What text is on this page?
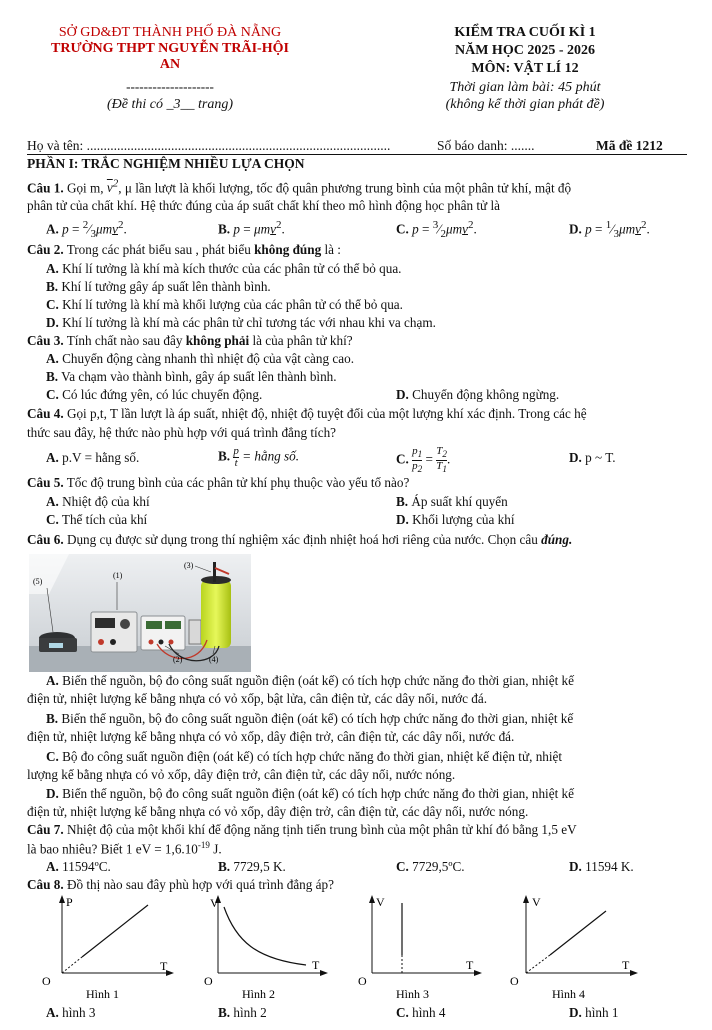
SỞ GD&ĐT THÀNH PHỐ ĐÀ NẴNG
TRƯỜNG THPT NGUYỄN TRÃI-HỘI AN
--------------------
(Đề thi có _3__ trang)
KIỂM TRA CUỐI KÌ 1
NĂM HỌC 2025 - 2026
MÔN: VẬT LÍ 12
Thời gian làm bài: 45 phút
(không kể thời gian phát đề)
Họ và tên: ..........................................................................................	Số báo danh: .......	Mã đề 1212
PHẦN I: TRẮC NGHIỆM NHIỀU LỰA CHỌN
Câu 1. Gọi m, $\overline{v}^2$, μ lần lượt là khối lượng, tốc độ quân phương trung bình của một phân tử khí, mật độ
phân tử của chất khí. Hệ thức đúng của áp suất chất khí theo mô hình động học phân tử là
A. $p = ^2⁄_3\mu mv^2$.	B. p = μmv$^2$.	C. $p = ^3⁄_2\mu mv^2$.	D. $p = ^1⁄_3\mu mv^2$.
Câu 2. Trong các phát biểu sau , phát biểu không đúng là :
A. Khí lí tưởng là khí mà kích thước của các phân tử có thể bỏ qua.
B. Khí lí tưởng gây áp suất lên thành bình.
C. Khí lí tưởng là khí mà khối lượng của các phân tử có thể bỏ qua.
D. Khí lí tưởng là khí mà các phân tử chỉ tương tác với nhau khi va chạm.
Câu 3. Tính chất nào sau đây không phải là của phân tử khí?
A. Chuyển động càng nhanh thì nhiệt độ của vật càng cao.
B. Va chạm vào thành bình, gây áp suất lên thành bình.
C. Có lúc đứng yên, có lúc chuyển động.	D. Chuyển động không ngừng.
Câu 4. Gọi p,t, T lần lượt là áp suất, nhiệt độ, nhiệt độ tuyệt đối của một lượng khí xác định. Trong các hệ
thức sau đây, hệ thức nào phù hợp với quá trình đẳng tích?
A. p.V = hằng số.	B. p
t = hằng số.	C.
$p_1$
$p_2$ =
$T_2$
$T_1$.	D. p ~ T.
Câu 5. Tốc độ trung bình của các phân tử khí phụ thuộc vào yếu tố nào?
A. Nhiệt độ của khí	B. Áp suất khí quyển
C. Thể tích của khí	D. Khối lượng của khí
Câu 6. Dụng cụ được sử dụng trong thí nghiệm xác định nhiệt hoá hơi riêng của nước. Chọn câu đúng.
(5)
(1)
(3)
(2)	(4)
A. Biến thế nguồn, bộ đo công suất nguồn điện (oát kế) có tích hợp chức năng đo thời gian, nhiệt kế
điện tử, nhiệt lượng kế bằng nhựa có vỏ xốp, bật lửa, cân điện tử, các dây nối, nước đá.
B. Biến thế nguồn, bộ đo công suất nguồn điện (oát kế) có tích hợp chức năng đo thời gian, nhiệt kế
điện tử, nhiệt lượng kế bằng nhựa có vỏ xốp, dây điện trở, cân điện tử, các dây nối, nước đá.
C. Bộ đo công suất nguồn điện (oát kế) có tích hợp chức năng đo thời gian, nhiệt kế điện tử, nhiệt
lượng kế bằng nhựa có vỏ xốp, dây điện trở, cân điện tử, các dây nối, nước nóng.
D. Biến thế nguồn, bộ đo công suất nguồn điện (oát kế) có tích hợp chức năng đo thời gian, nhiệt kế
điện tử, nhiệt lượng kế bằng nhựa có vỏ xốp, dây điện trở, cân điện tử, các dây nối, nước nóng.
Câu 7. Nhiệt độ của một khối khí để động năng tịnh tiến trung bình của một phân tử khí đó bằng 1,5 eV
là bao nhiêu? Biết 1 eV = $1,6.10^{-19}$ J.
A. 11594ºC.	B. 7729,5 K.	C. 7729,5ºC.	D. 11594 K.
Câu 8. Đồ thị nào sau đây phù hợp với quá trình đẳng áp?
P
T
O
Hình 1
V
T
O
Hình 2
V
T
O
Hình 3
V
T
O
Hình 4
A. hình 3	B. hình 2	C. hình 4	D. hình 1
